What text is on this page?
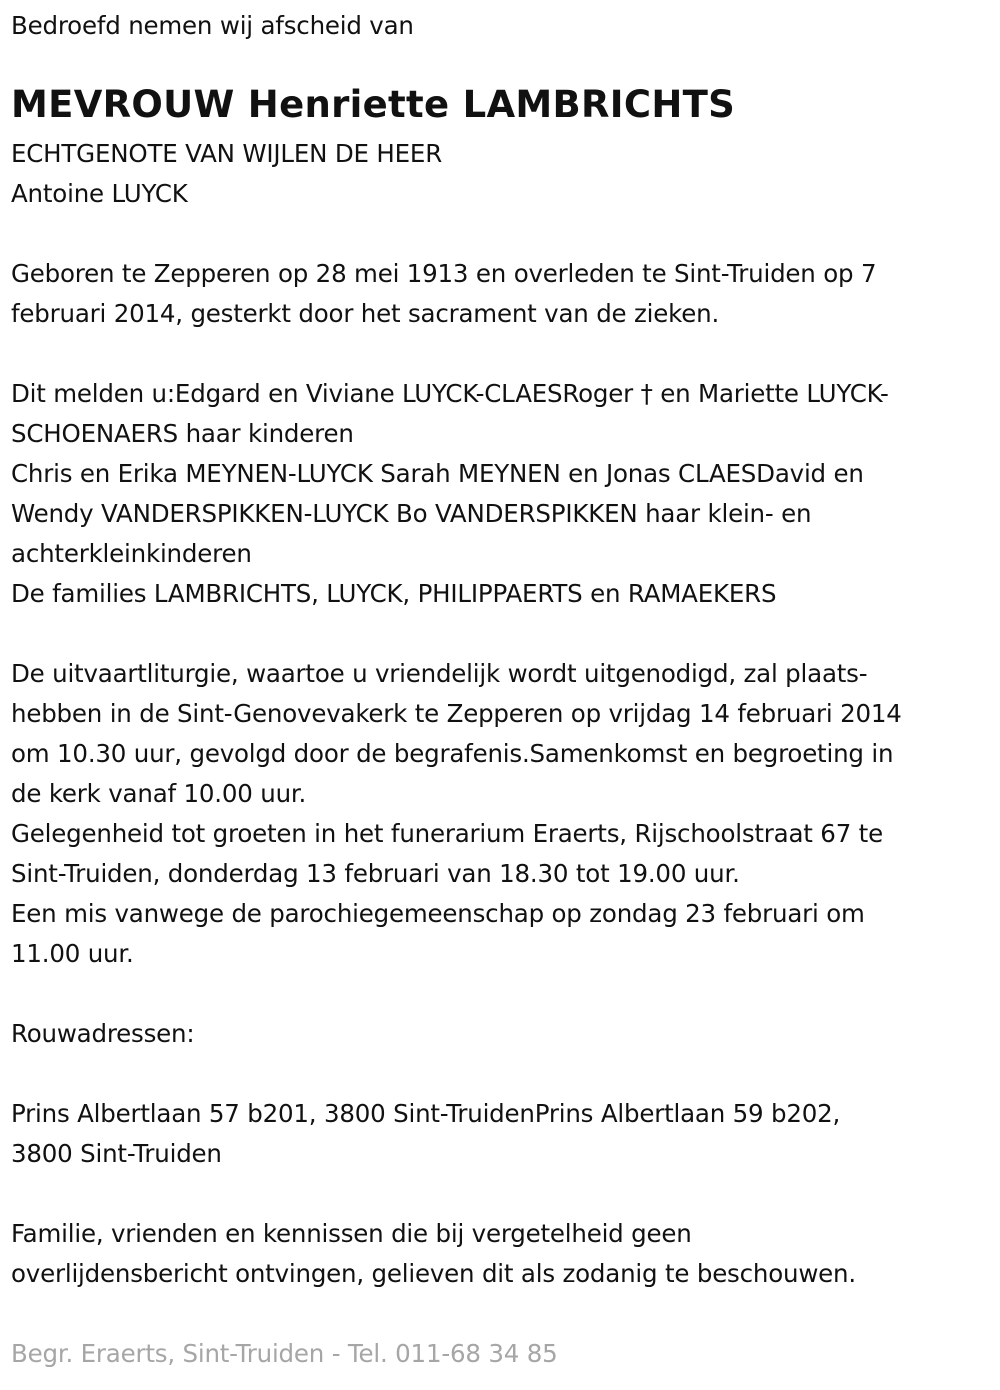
Bedroefd nemen wij afscheid van
MEVROUW Henriette LAMBRICHTS
ECHTGENOTE VAN WIJLEN DE HEER
Antoine LUYCK
Geboren te Zepperen op 28 mei 1913 en overleden te Sint-Truiden op 7
februari 2014, gesterkt door het sacrament van de zieken.
Dit melden u:Edgard en Viviane LUYCK-CLAESRoger † en Mariette LUYCK-
SCHOENAERS haar kinderen
Chris en Erika MEYNEN-LUYCK Sarah MEYNEN en Jonas CLAESDavid en
Wendy VANDERSPIKKEN-LUYCK Bo VANDERSPIKKEN haar klein- en
achterkleinkinderen
De families LAMBRICHTS, LUYCK, PHILIPPAERTS en RAMAEKERS
De uitvaartliturgie, waartoe u vriendelijk wordt uitgenodigd, zal plaats-
hebben in de Sint-Genovevakerk te Zepperen op vrijdag 14 februari 2014
om 10.30 uur, gevolgd door de begrafenis.Samenkomst en begroeting in
de kerk vanaf 10.00 uur.
Gelegenheid tot groeten in het funerarium Eraerts, Rijschoolstraat 67 te
Sint-Truiden, donderdag 13 februari van 18.30 tot 19.00 uur.
Een mis vanwege de parochiegemeenschap op zondag 23 februari om
11.00 uur.
Rouwadressen:
Prins Albertlaan 57 b201, 3800 Sint-TruidenPrins Albertlaan 59 b202,
3800 Sint-Truiden
Familie, vrienden en kennissen die bij vergetelheid geen
overlijdensbericht ontvingen, gelieven dit als zodanig te beschouwen.
Begr. Eraerts, Sint-Truiden - Tel. 011-68 34 85
